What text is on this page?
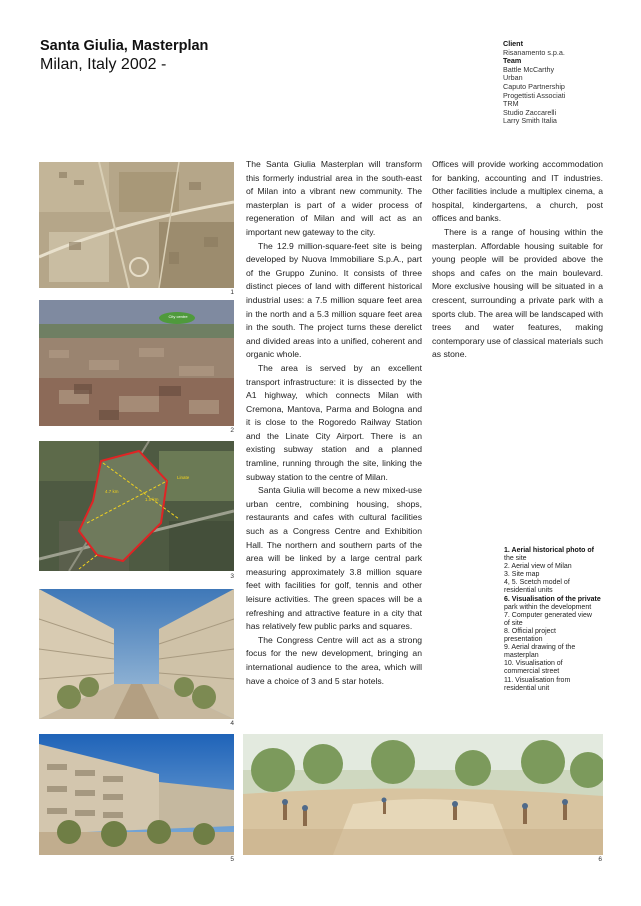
Santa Giulia, Masterplan
Milan, Italy 2002 -
Client
Risanamento s.p.a.
Team
Battle McCarthy
Urban
Caputo Partnership
Progettisti Associati
TRM
Studio Zaccarelli
Larry Smith Italia
1
City centre
2
Linate
4.7 km
1.0 km
3
4
5	6

The Santa Giulia Masterplan will transform this formerly industrial area in the south-east of Milan into a vibrant new community. The masterplan is part of a wider process of regeneration of Milan and will act as an important new gateway to the city.

The 12.9 million-square-feet site is being developed by Nuova Immobiliare S.p.A., part of the Gruppo Zunino. It consists of three distinct pieces of land with different historical industrial uses: a 7.5 million square feet area in the north and a 5.3 million square feet area in the south. The project turns these derelict and divided areas into a unified, coherent and organic whole.

The area is served by an excellent transport infrastructure: it is dissected by the A1 highway, which connects Milan with Cremona, Mantova, Parma and Bologna and it is close to the Rogoredo Railway Station and the Linate City Airport. There is an existing subway station and a planned tramline, running through the site, linking the subway station to the centre of Milan.

Santa Giulia will become a new mixed-use urban centre, combining housing, shops, restaurants and cafes with cultural facilities such as a Congress Centre and Exhibition Hall. The northern and southern parts of the area will be linked by a large central park measuring approximately 3.8 million square feet with facilities for golf, tennis and other leisure activities. The green spaces will be a refreshing and attractive feature in a city that has relatively few public parks and squares.

The Congress Centre will act as a strong focus for the new development, bringing an international audience to the area, which will have a choice of 3 and 5 star hotels.

Offices will provide working accommodation for banking, accounting and IT industries. Other facilities include a multiplex cinema, a hospital, kindergartens, a church, post offices and banks.

There is a range of housing within the masterplan. Affordable housing suitable for young people will be provided above the shops and cafes on the main boulevard. More exclusive housing will be situated in a crescent, surrounding a private park with a sports club. The area will be landscaped with trees and water features, making contemporary use of classical materials such as stone.

1. Aerial historical photo of
the site
2. Aerial view of Milan
3. Site map
4, 5. Scetch model of
residential units
6. Visualisation of the private
park within the development
7. Computer generated view
of site
8. Official project
presentation
9. Aerial drawing of the
masterplan
10. Visualisation of
commercial street
11. Visualisation from
residential unit
